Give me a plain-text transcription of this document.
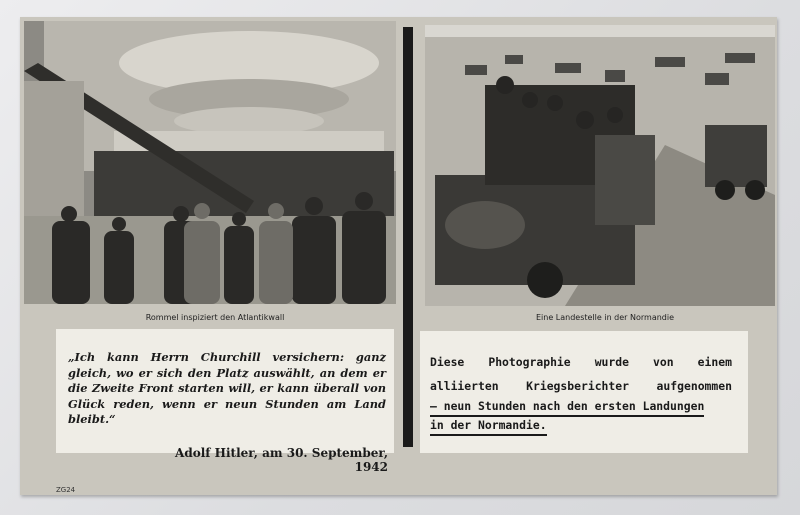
Rommel inspiziert den Atlantikwall	Eine Landestelle in der Normandie
„Ich kann Herrn Churchill versichern: ganz gleich, wo er sich den Platz auswählt, an dem er die Zweite Front starten will, er kann überall von Glück reden, wenn er neun Stunden am Land bleibt.“
Adolf Hitler, am 30. September, 1942
Diese Photographie wurde von einem
alliierten Kriegsberichter aufgenommen
— neun Stunden nach den ersten Landungen
in der Normandie.
ZG24
